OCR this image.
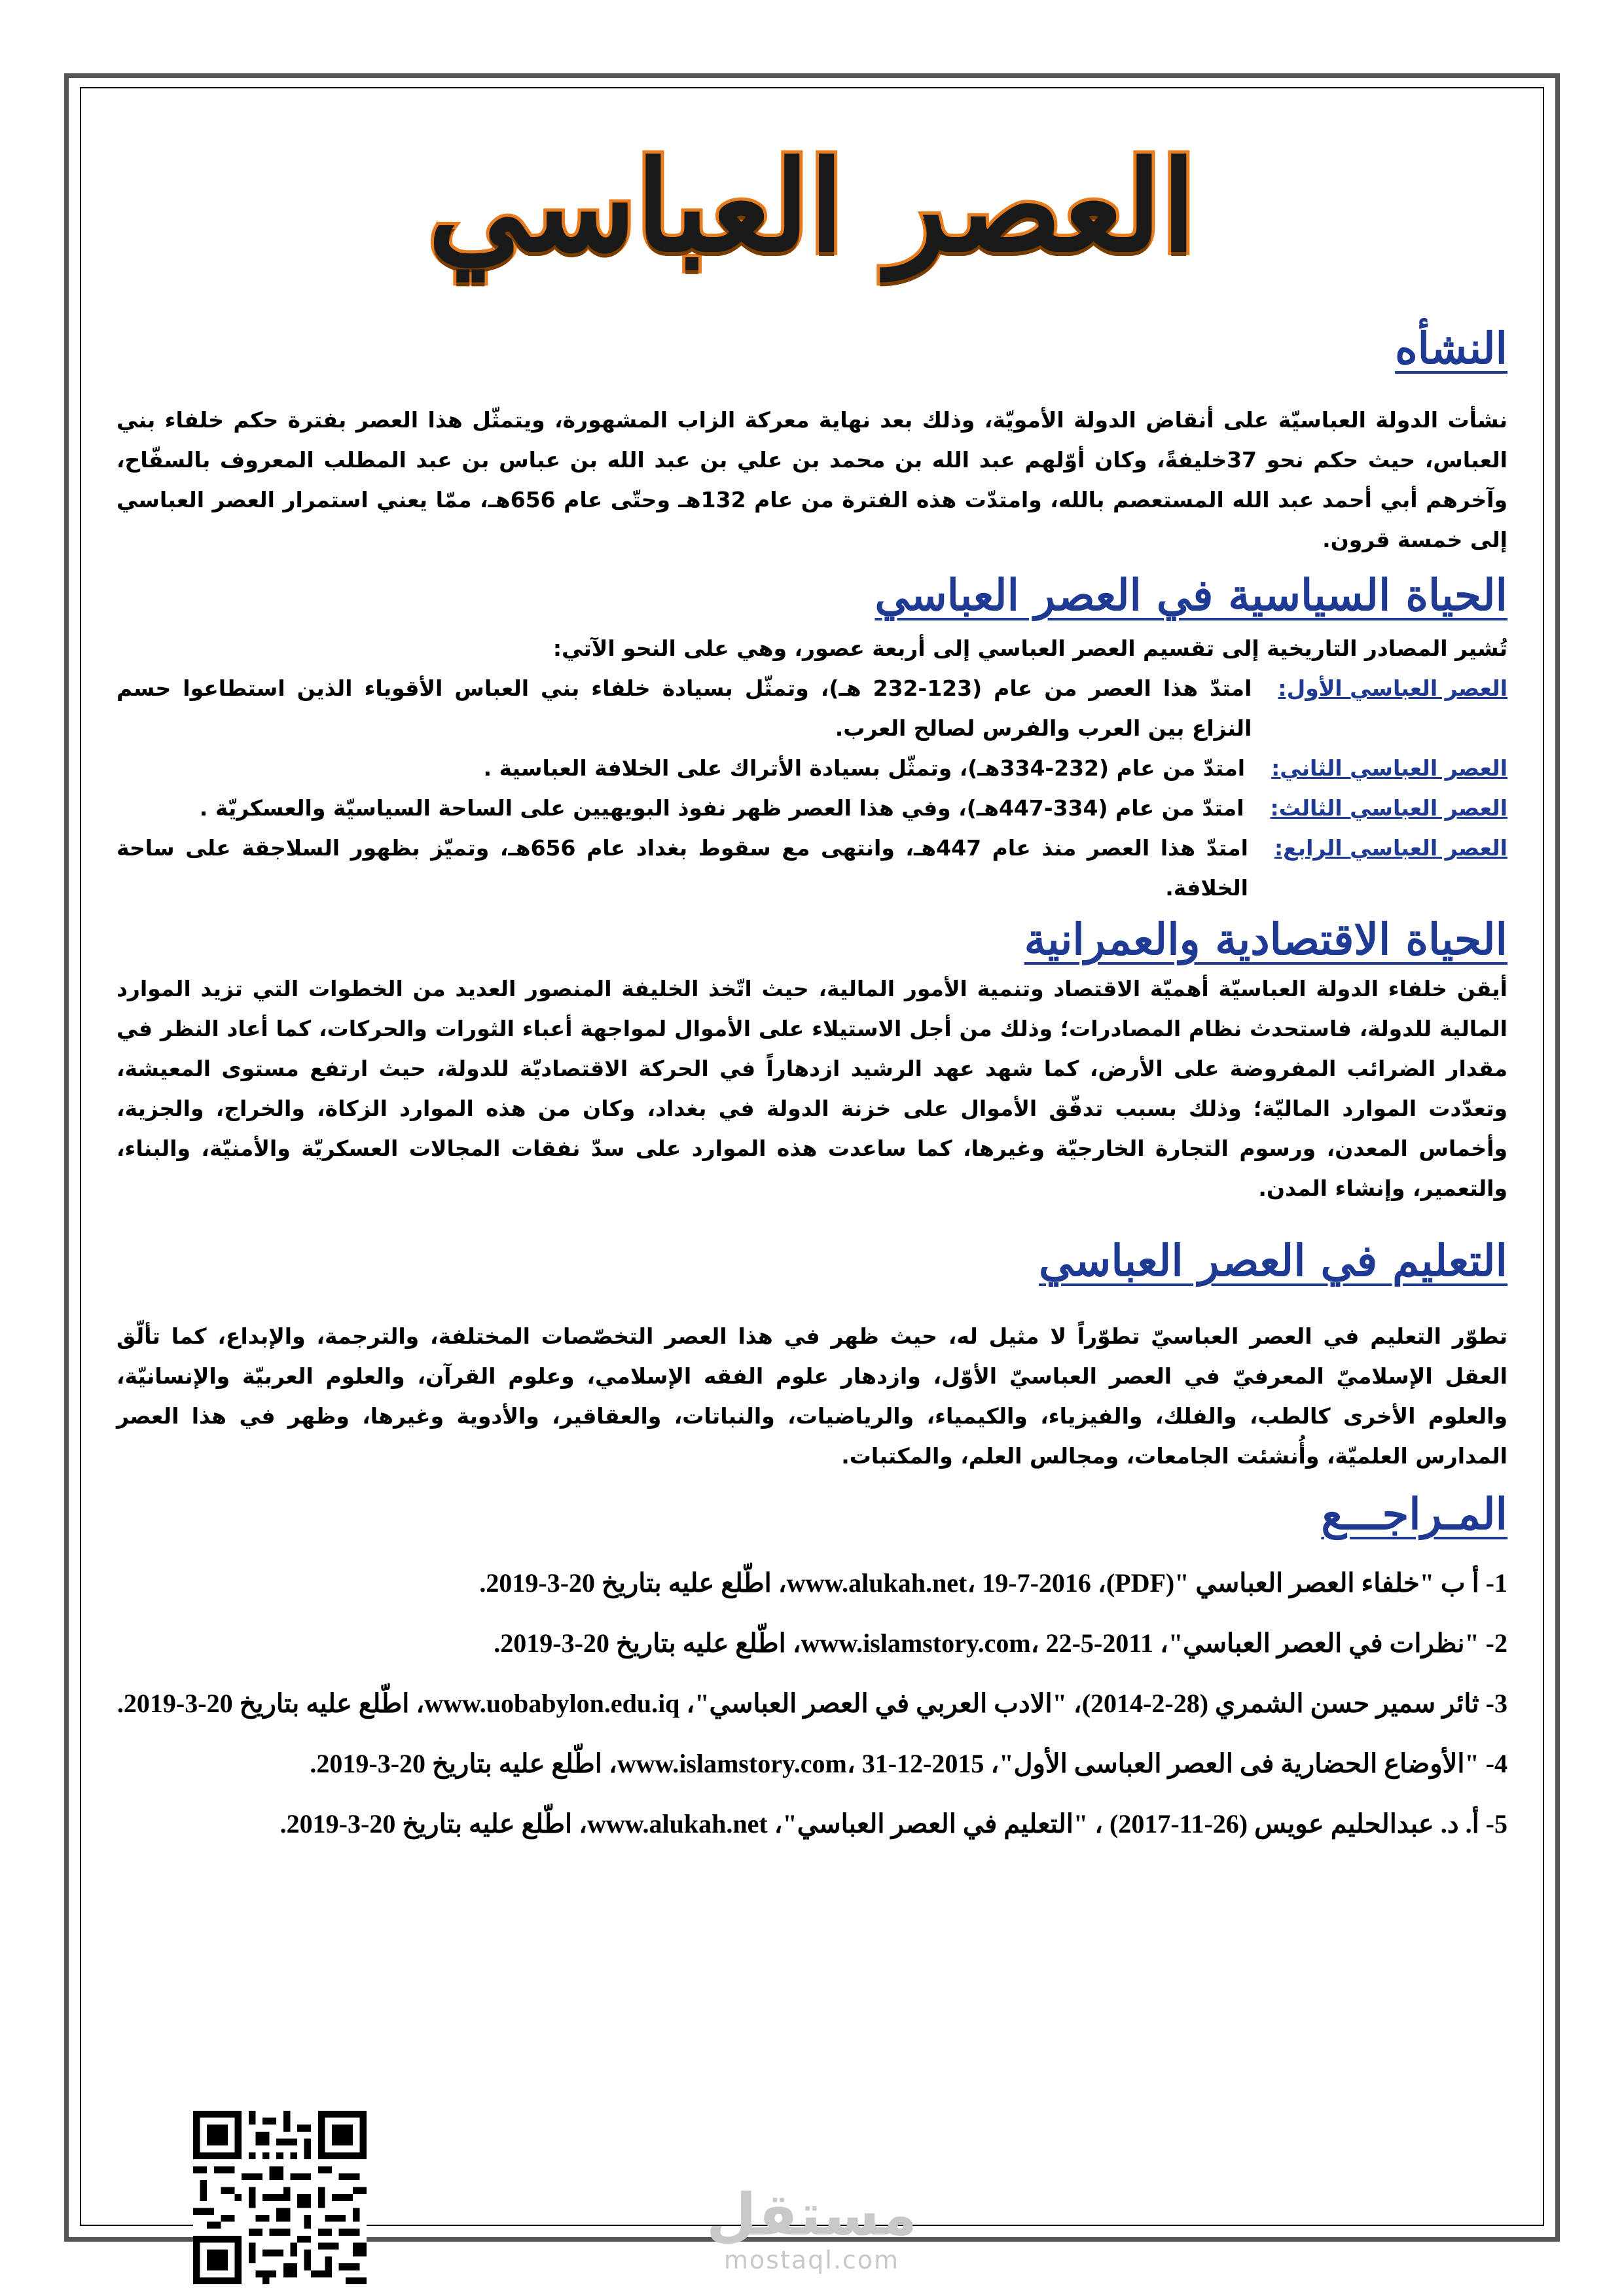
العصر العباسي
النشأه

نشأت الدولة العباسيّة على أنقاض الدولة الأمويّة، وذلك بعد نهاية معركة الزاب المشهورة، ويتمثّل هذا العصر بفترة حكم خلفاء بني العباس، حيث حكم نحو 37خليفةً، وكان أوّلهم عبد الله بن محمد بن علي بن عبد الله بن عباس بن عبد المطلب المعروف بالسفّاح، وآخرهم أبي أحمد عبد الله المستعصم بالله، وامتدّت هذه الفترة من عام 132هـ وحتّى عام 656هـ، ممّا يعني استمرار العصر العباسي إلى خمسة قرون.

الحياة السياسية في العصر العباسي

تُشير المصادر التاريخية إلى تقسيم العصر العباسي إلى أربعة عصور، وهي على النحو الآتي:

العصر العباسي الأول:
امتدّ هذا العصر من عام (123-232 هـ)، وتمثّل بسيادة خلفاء بني العباس الأقوياء الذين استطاعوا حسم النزاع بين العرب والفرس لصالح العرب.
العصر العباسي الثاني:
امتدّ من عام (232-334هـ)، وتمثّل بسيادة الأتراك على الخلافة العباسية .
العصر العباسي الثالث:
امتدّ من عام (334-447هـ)، وفي هذا العصر ظهر نفوذ البويهيين على الساحة السياسيّة والعسكريّة .
العصر العباسي الرابع:
امتدّ هذا العصر منذ عام 447هـ، وانتهى مع سقوط بغداد عام 656هـ، وتميّز بظهور السلاجقة على ساحة الخلافة.
الحياة الاقتصادية والعمرانية

أيقن خلفاء الدولة العباسيّة أهميّة الاقتصاد وتنمية الأمور المالية، حيث اتّخذ الخليفة المنصور العديد من الخطوات التي تزيد الموارد المالية للدولة، فاستحدث نظام المصادرات؛ وذلك من أجل الاستيلاء على الأموال لمواجهة أعباء الثورات والحركات، كما أعاد النظر في مقدار الضرائب المفروضة على الأرض، كما شهد عهد الرشيد ازدهاراً في الحركة الاقتصاديّة للدولة، حيث ارتفع مستوى المعيشة، وتعدّدت الموارد الماليّة؛ وذلك بسبب تدفّق الأموال على خزنة الدولة في بغداد، وكان من هذه الموارد الزكاة، والخراج، والجزية، وأخماس المعدن، ورسوم التجارة الخارجيّة وغيرها، كما ساعدت هذه الموارد على سدّ نفقات المجالات العسكريّة والأمنيّة، والبناء، والتعمير، وإنشاء المدن.

التعليم في العصر العباسي

تطوّر التعليم في العصر العباسيّ تطوّراً لا مثيل له، حيث ظهر في هذا العصر التخصّصات المختلفة، والترجمة، والإبداع، كما تألّق العقل الإسلاميّ المعرفيّ في العصر العباسيّ الأوّل، وازدهار علوم الفقه الإسلامي، وعلوم القرآن، والعلوم العربيّة والإنسانيّة، والعلوم الأخرى كالطب، والفلك، والفيزياء، والكيمياء، والرياضيات، والنباتات، والعقاقير، والأدوية وغيرها، وظهر في هذا العصر المدارس العلميّة، وأُنشئت الجامعات، ومجالس العلم، والمكتبات.

المـراجـــع

1- أ ب "خلفاء العصر العباسي "(PDF)، www.alukah.net، 19-7-2016، اطّلع عليه بتاريخ 20-3-2019.

2- "نظرات في العصر العباسي"، www.islamstory.com، 22-5-2011، اطّلع عليه بتاريخ 20-3-2019.

3- ثائر سمير حسن الشمري (28-2-2014)، "الادب العربي في العصر العباسي"، www.uobabylon.edu.iq، اطّلع عليه بتاريخ 20-3-2019.

4- "الأوضاع الحضارية فى العصر العباسى الأول"، www.islamstory.com، 31-12-2015، اطّلع عليه بتاريخ 20-3-2019.

5- أ. د. عبدالحليم عويس (26-11-2017) ، "التعليم في العصر العباسي"، www.alukah.net، اطّلع عليه بتاريخ 20-3-2019.

مستقل
mostaql.com
